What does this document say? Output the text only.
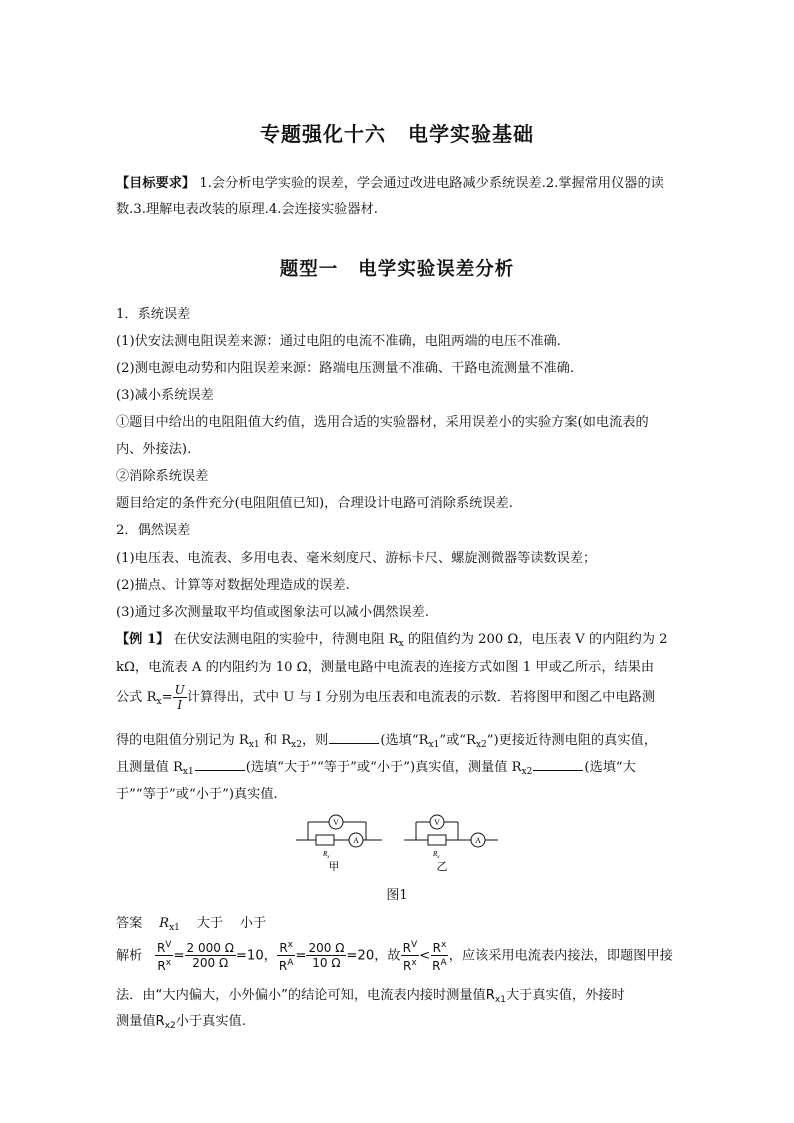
专题强化十六 电学实验基础
【目标要求】 1.会分析电学实验的误差，学会通过改进电路减少系统误差.2.掌握常用仪器的读
数.3.理解电表改装的原理.4.会连接实验器材.
题型一 电学实验误差分析
1．系统误差
(1)伏安法测电阻误差来源：通过电阻的电流不准确，电阻两端的电压不准确.
(2)测电源电动势和内阻误差来源：路端电压测量不准确、干路电流测量不准确.
(3)减小系统误差
①题目中给出的电阻阻值大约值，选用合适的实验器材，采用误差小的实验方案(如电流表的
内、外接法).
②消除系统误差
题目给定的条件充分(电阻阻值已知)，合理设计电路可消除系统误差.
2．偶然误差
(1)电压表、电流表、多用电表、毫米刻度尺、游标卡尺、螺旋测微器等读数误差；
(2)描点、计算等对数据处理造成的误差.
(3)通过多次测量取平均值或图象法可以减小偶然误差.
【例 1】 在伏安法测电阻的实验中，待测电阻 $R_x$ 的阻值约为 200 Ω，电压表 V 的内阻约为 2
kΩ，电流表 A 的内阻约为 10 Ω，测量电路中电流表的连接方式如图 1 甲或乙所示，结果由
公式 $R_x= \frac{U}{I}$ 计算得出，式中 U 与 I 分别为电压表和电流表的示数．若将图甲和图乙中电路测
得的电阻值分别记为 $R_{x1}$ 和 $R_{x2}$，则	(选填“$R_{x1}$”或“$R_{x2}$”)更接近待测电阻的真实值，
且测量值 $R_{x1}$	(选填“大于”“等于”或“小于”)真实值，测量值 $R_{x2}$	(选填“大
于”“等于”或“小于”)真实值.
A
V
$R_x$
甲
V
A
$R_x$
乙
图1
答案 $R_{x1}$ 大于 小于
解析 $\frac{R^V}{R^x} = \frac{2 000 \Omega}{200 \Omega} =10$， $\frac{R^x}{R^A} = \frac{200 \Omega}{10 \Omega} =20$，故 $\frac{R^V}{R^x} < \frac{R^x}{R^A}$ ，应该采用电流表内接法，即题图甲接
法．由“大内偏大，小外偏小”的结论可知，电流表内接时测量值$R_{x1}$大于真实值，外接时
测量值$R_{x2}$小于真实值.
